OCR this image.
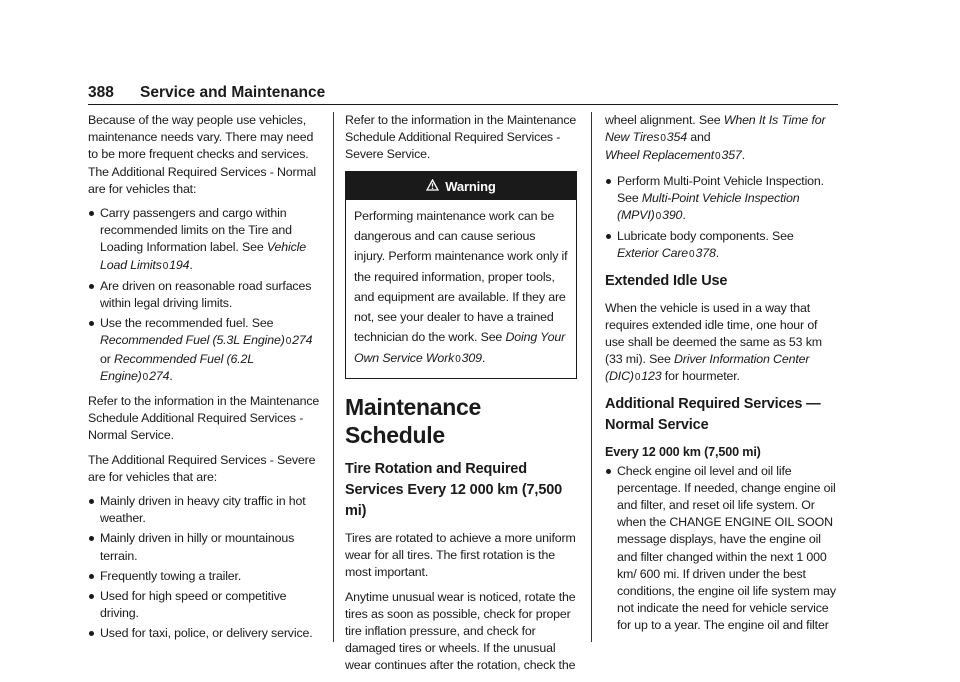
388 Service and Maintenance

Because of the way people use vehicles, maintenance needs vary. There may need to be more frequent checks and services. The Additional Required Services - Normal are for vehicles that:

Carry passengers and cargo within recommended limits on the Tire and Loading Information label. See Vehicle Load Limits0194.
Are driven on reasonable road surfaces within legal driving limits.
Use the recommended fuel. See Recommended Fuel (5.3L Engine)0274 or Recommended Fuel (6.2L Engine)0274.

Refer to the information in the Maintenance Schedule Additional Required Services - Normal Service.

The Additional Required Services - Severe are for vehicles that are:

Mainly driven in heavy city traffic in hot weather.
Mainly driven in hilly or mountainous terrain.
Frequently towing a trailer.
Used for high speed or competitive driving.
Used for taxi, police, or delivery service.

Refer to the information in the Maintenance Schedule Additional Required Services - Severe Service.

Warning
Performing maintenance work can be dangerous and can cause serious injury. Perform maintenance work only if the required information, proper tools, and equipment are available. If they are not, see your dealer to have a trained technician do the work. See Doing Your Own Service Work0309.
Maintenance Schedule
Tire Rotation and Required Services Every 12 000 km (7,500 mi)

Tires are rotated to achieve a more uniform wear for all tires. The first rotation is the most important.

Anytime unusual wear is noticed, rotate the tires as soon as possible, check for proper tire inflation pressure, and check for damaged tires or wheels. If the unusual wear continues after the rotation, check the

wheel alignment. See When It Is Time for New Tires0354 and
Wheel Replacement0357.

Perform Multi-Point Vehicle Inspection. See Multi-Point Vehicle Inspection (MPVI)0390.
Lubricate body components. See Exterior Care0378.
Extended Idle Use

When the vehicle is used in a way that requires extended idle time, one hour of use shall be deemed the same as 53 km (33 mi). See Driver Information Center (DIC)0123 for hourmeter.

Additional Required Services — Normal Service
Every 12 000 km (7,500 mi)
Check engine oil level and oil life percentage. If needed, change engine oil and filter, and reset oil life system. Or when the CHANGE ENGINE OIL SOON message displays, have the engine oil and filter changed within the next 1 000 km/ 600 mi. If driven under the best conditions, the engine oil life system may not indicate the need for vehicle service for up to a year. The engine oil and filter
